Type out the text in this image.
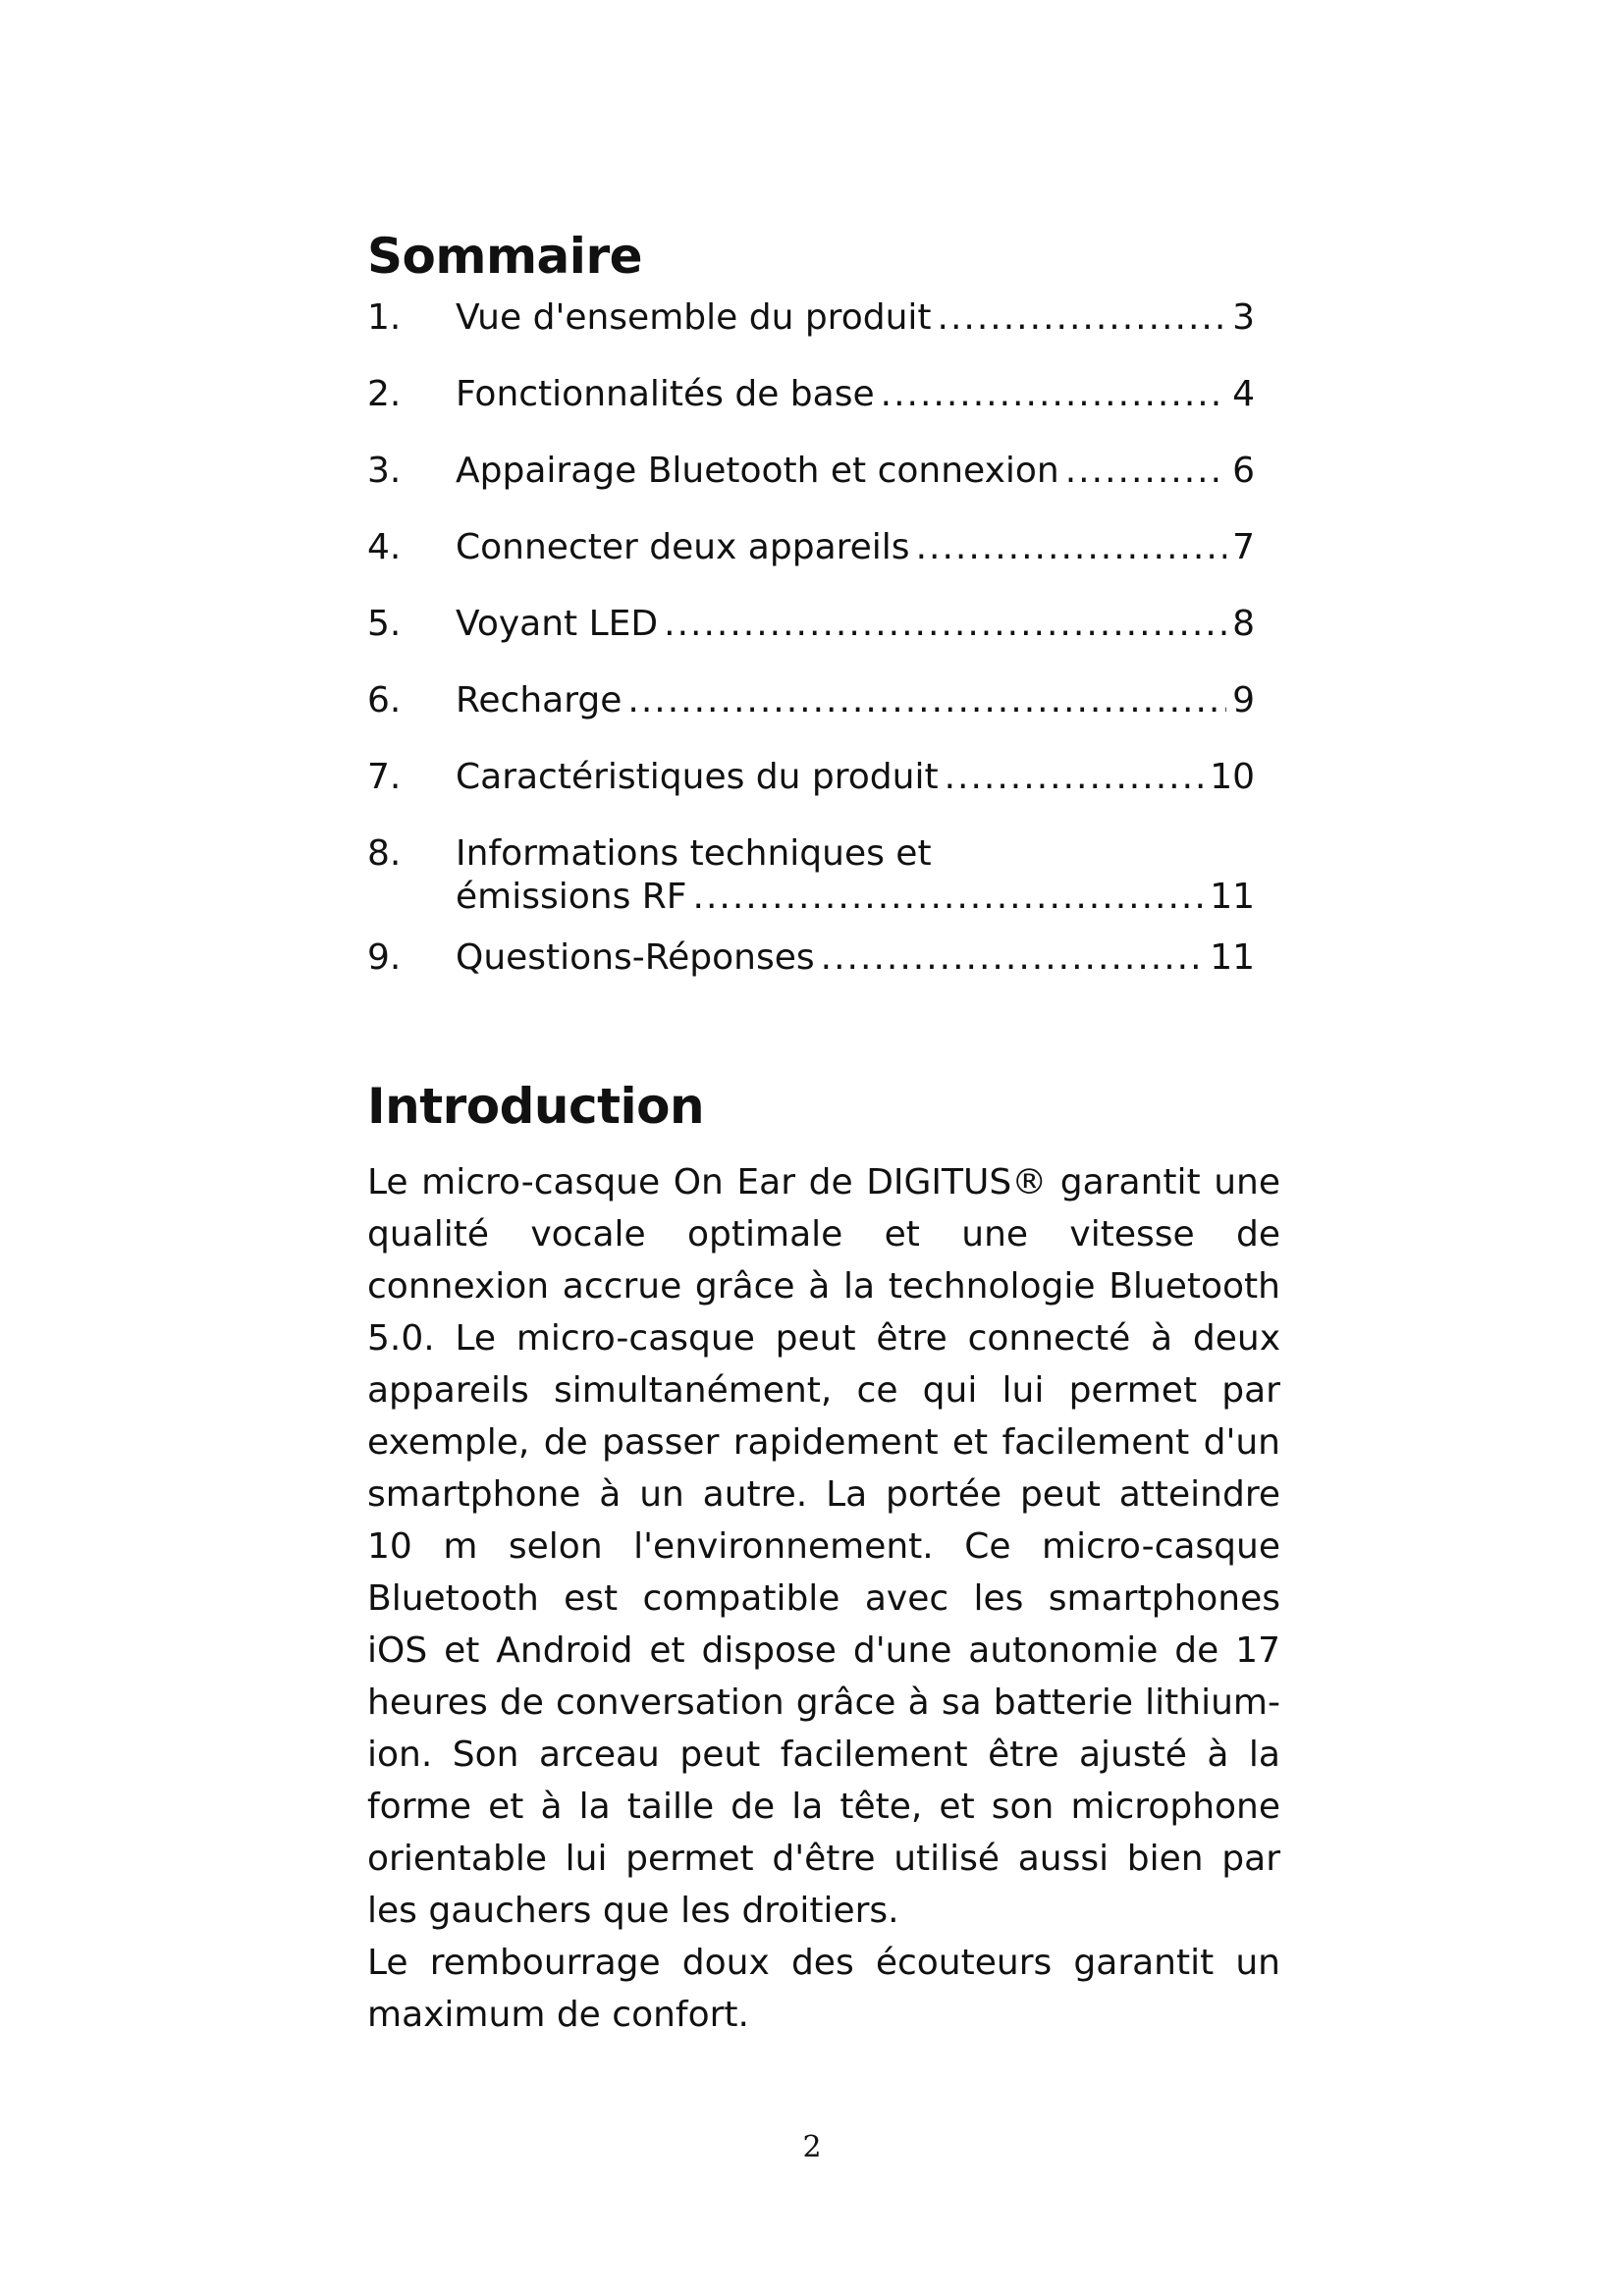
Sommaire
1.	Vue d'ensemble du produit .....	3
2.	Fonctionnalités de base .....	4
3.	Appairage Bluetooth et connexion .....	6
4.	Connecter deux appareils .....	7
5.	Voyant LED .....	8
6.	Recharge .....	9
7.	Caractéristiques du produit .....	10
8.	Informations techniques et
émissions RF .....	11
9.	Questions-Réponses .....	11
Introduction

Le micro-casque On Ear de DIGITUS® garantit une qualité vocale optimale et une vitesse de connexion accrue grâce à la technologie Bluetooth 5.0. Le micro-casque peut être connecté à deux appareils simultanément, ce qui lui permet par exemple, de passer rapidement et facilement d'un smartphone à un autre. La portée peut atteindre 10 m selon l'environnement. Ce micro-casque Bluetooth est compatible avec les smartphones iOS et Android et dispose d'une autonomie de 17 heures de conversation grâce à sa batterie lithium-ion. Son arceau peut facilement être ajusté à la forme et à la taille de la tête, et son microphone orientable lui permet d'être utilisé aussi bien par les gauchers que les droitiers.

Le rembourrage doux des écouteurs garantit un maximum de confort.

2
